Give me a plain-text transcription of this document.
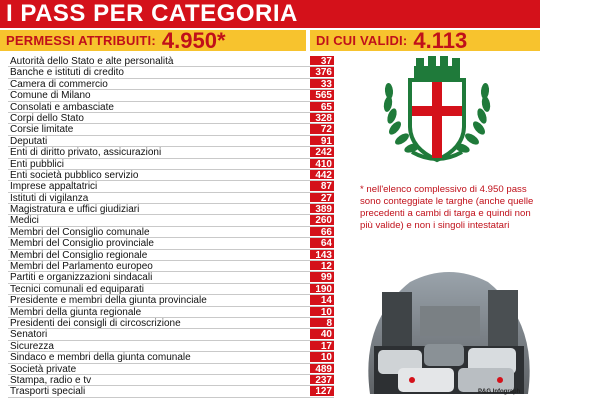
I PASS PER CATEGORIA
PERMESSI ATTRIBUITI: 4.950*	DI CUI VALIDI: 4.113
Autorità dello Stato e alte personalità	37
Banche e istituti di credito	376
Camera di commercio	33
Comune di Milano	565
Consolati e ambasciate	65
Corpi dello Stato	328
Corsie limitate	72
Deputati	91
Enti di diritto privato, assicurazioni	242
Enti pubblici	410
Enti società pubblico servizio	442
Imprese appaltatrici	87
Istituti di vigilanza	27
Magistratura e uffici giudiziari	389
Medici	260
Membri del Consiglio comunale	66
Membri del Consiglio provinciale	64
Membri del Consiglio regionale	143
Membri del Parlamento europeo	12
Partiti e organizzazioni sindacali	99
Tecnici comunali ed equiparati	190
Presidente e membri della giunta provinciale	14
Membri della giunta regionale	10
Presidenti dei consigli di circoscrizione	8
Senatori	40
Sicurezza	17
Sindaco e membri della giunta comunale	10
Società private	489
Stampa, radio e tv	237
Trasporti speciali	127
* nell'elenco complessivo di 4.950 pass sono conteggiate le targhe (anche quelle precedenti a cambi di targa e quindi non più valide) e non i singoli intestatari
P&G Infograph
